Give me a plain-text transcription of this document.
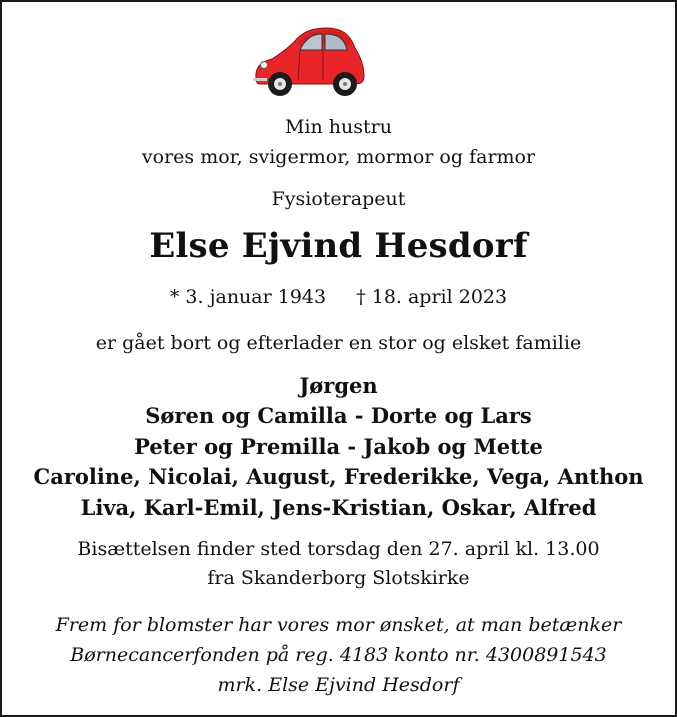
Min hustru
vores mor, svigermor, mormor og farmor
Fysioterapeut
Else Ejvind Hesdorf
* 3. januar 1943 † 18. april 2023
er gået bort og efterlader en stor og elsket familie
Jørgen
Søren og Camilla - Dorte og Lars
Peter og Premilla - Jakob og Mette
Caroline, Nicolai, August, Frederikke, Vega, Anthon
Liva, Karl-Emil, Jens-Kristian, Oskar, Alfred
Bisættelsen finder sted torsdag den 27. april kl. 13.00
fra Skanderborg Slotskirke
Frem for blomster har vores mor ønsket, at man betænker
Børnecancerfonden på reg. 4183 konto nr. 4300891543
mrk. Else Ejvind Hesdorf
